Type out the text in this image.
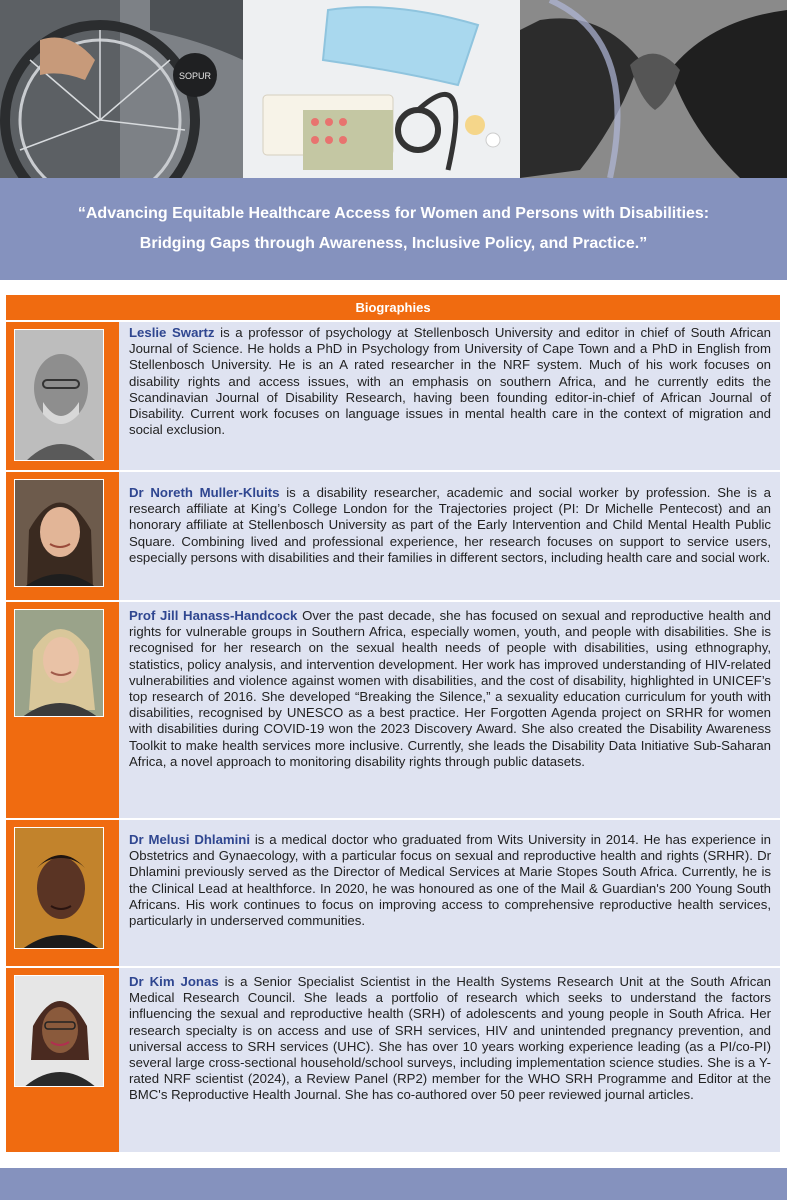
SOPUR

“Advancing Equitable Healthcare Access for Women and Persons with Disabilities:

Bridging Gaps through Awareness, Inclusive Policy, and Practice.”

Biographies
Leslie Swartz is a professor of psychology at Stellenbosch University and editor in chief of South African Journal of Science. He holds a PhD in Psychology from University of Cape Town and a PhD in English from Stellenbosch University. He is an A rated researcher in the NRF system. Much of his work focuses on disability rights and access issues, with an emphasis on southern Africa, and he currently edits the Scandinavian Journal of Disability Research, having been founding editor-in-chief of African Journal of Disability. Current work focuses on language issues in mental health care in the context of migration and social exclusion.
Dr Noreth Muller-Kluits is a disability researcher, academic and social worker by profession. She is a research affiliate at King’s College London for the Trajectories project (PI: Dr Michelle Pentecost) and an honorary affiliate at Stellenbosch University as part of the Early Intervention and Child Mental Health Public Square. Combining lived and professional experience, her research focuses on support to service users, especially persons with disabilities and their families in different sectors, including health care and social work.
Prof Jill Hanass-Handcock Over the past decade, she has focused on sexual and reproductive health and rights for vulnerable groups in Southern Africa, especially women, youth, and people with disabilities. She is recognised for her research on the sexual health needs of people with disabilities, using ethnography, statistics, policy analysis, and intervention development. Her work has improved understanding of HIV-related vulnerabilities and violence against women with disabilities, and the cost of disability, highlighted in UNICEF’s top research of 2016. She developed “Breaking the Silence,” a sexuality education curriculum for youth with disabilities, recognised by UNESCO as a best practice. Her Forgotten Agenda project on SRHR for women with disabilities during COVID-19 won the 2023 Discovery Award. She also created the Disability Awareness Toolkit to make health services more inclusive. Currently, she leads the Disability Data Initiative Sub-Saharan Africa, a novel approach to monitoring disability rights through public datasets.
Dr Melusi Dhlamini is a medical doctor who graduated from Wits University in 2014. He has experience in Obstetrics and Gynaecology, with a particular focus on sexual and reproductive health and rights (SRHR). Dr Dhlamini previously served as the Director of Medical Services at Marie Stopes South Africa. Currently, he is the Clinical Lead at healthforce. In 2020, he was honoured as one of the Mail & Guardian's 200 Young South Africans. His work continues to focus on improving access to comprehensive reproductive health services, particularly in underserved communities.
Dr Kim Jonas is a Senior Specialist Scientist in the Health Systems Research Unit at the South African Medical Research Council. She leads a portfolio of research which seeks to understand the factors influencing the sexual and reproductive health (SRH) of adolescents and young people in South Africa. Her research specialty is on access and use of SRH services, HIV and unintended pregnancy prevention, and universal access to SRH services (UHC). She has over 10 years working experience leading (as a PI/co-PI) several large cross-sectional household/school surveys, including implementation science studies. She is a Y-rated NRF scientist (2024), a Review Panel (RP2) member for the WHO SRH Programme and Editor at the BMC's Reproductive Health Journal. She has co-authored over 50 peer reviewed journal articles.
